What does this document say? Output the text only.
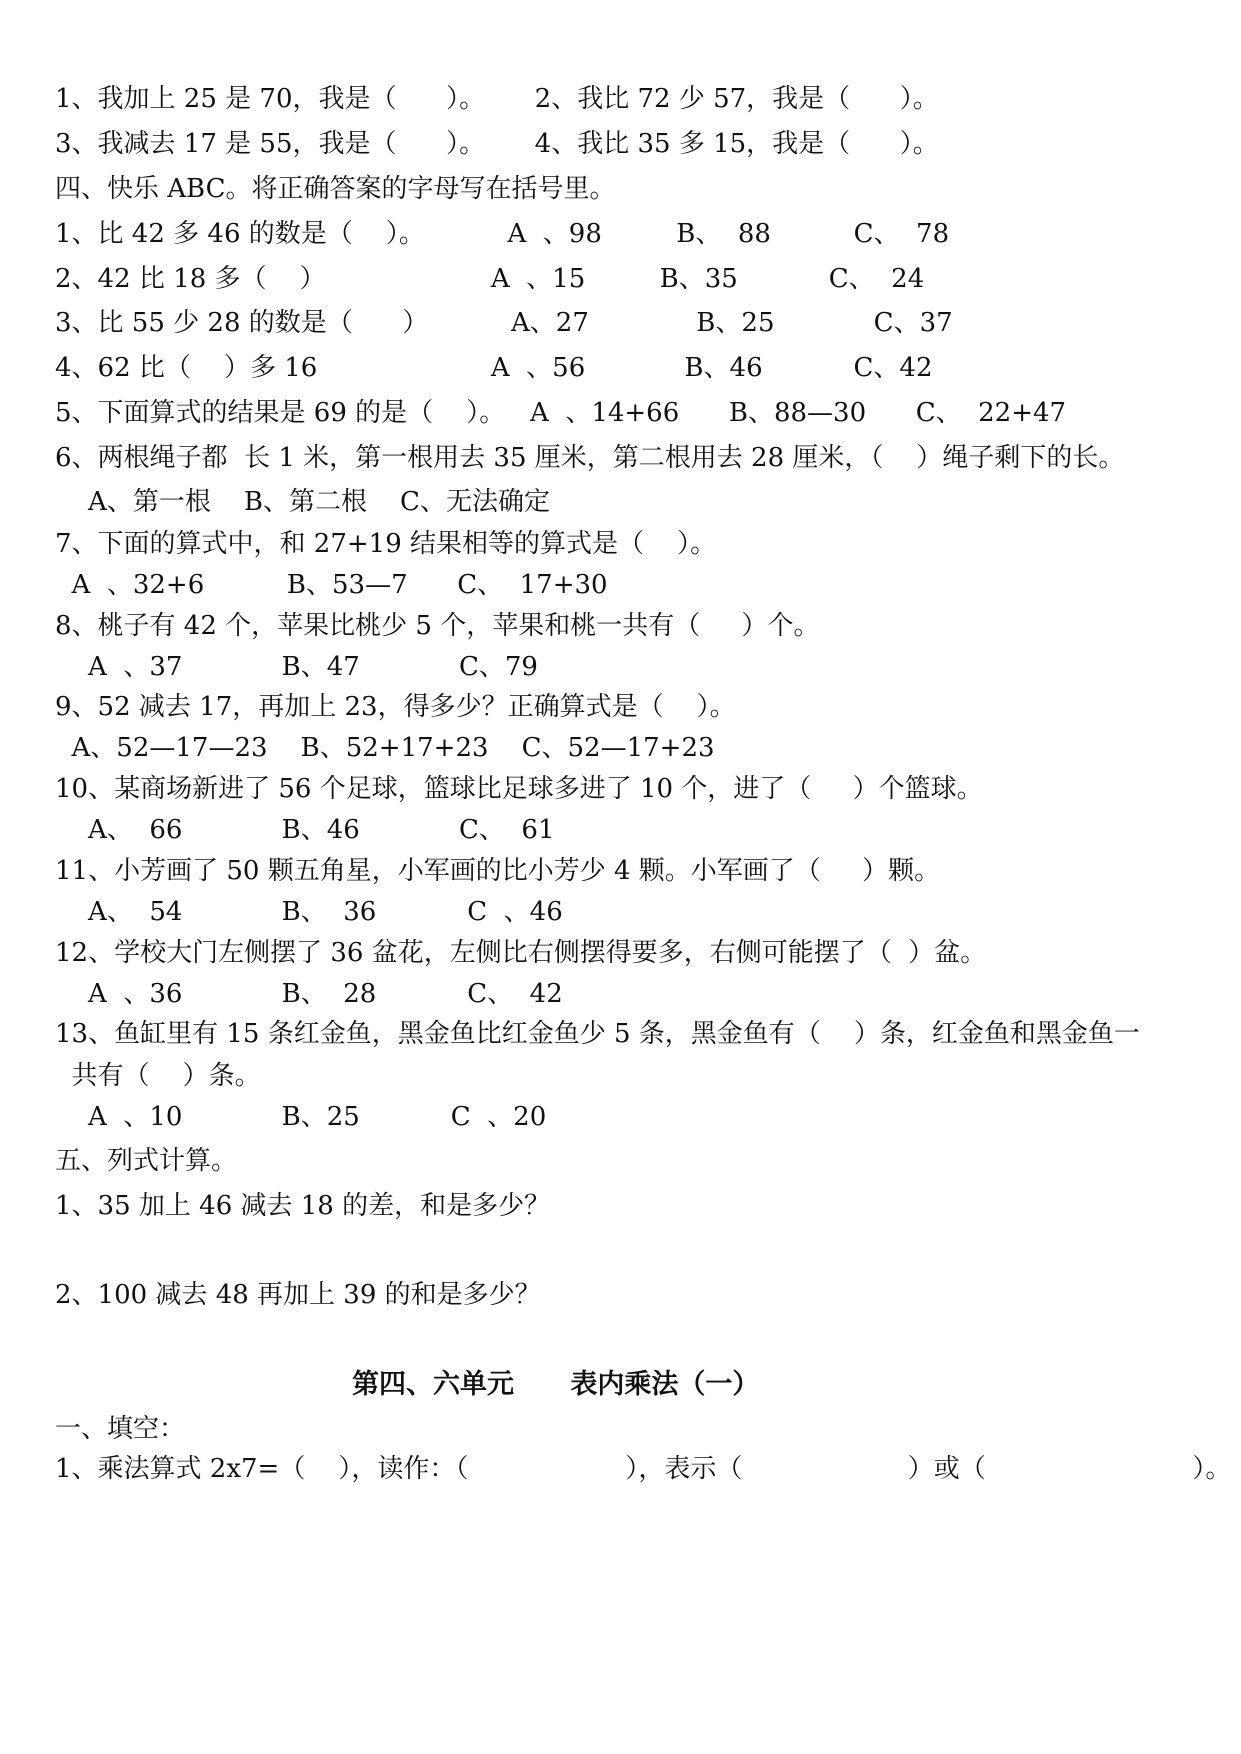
1、我加上 25 是 70，我是（      ）。      2、我比 72 少 57，我是（      ）。
3、我减去 17 是 55，我是（      ）。      4、我比 35 多 15，我是（      ）。
四、快乐 ABC。将正确答案的字母写在括号里。
1、比 42 多 46 的数是（    ）。          A  、98         B、  88          C、  78
2、42 比 18 多（    ）                    A  、15         B、35           C、  24
3、比 55 少 28 的数是（      ）          A、27             B、25            C、37
4、62 比（    ）多 16                     A  、56            B、46           C、42
5、下面算式的结果是 69 的是（    ）。   A  、14+66      B、88—30      C、  22+47
6、两根绳子都  长 1 米，第一根用去 35 厘米，第二根用去 28 厘米，（    ）绳子剩下的长。
A、第一根    B、第二根    C、无法确定
7、下面的算式中，和 27+19 结果相等的算式是（    ）。
A  、32+6          B、53—7      C、  17+30
8、桃子有 42 个，苹果比桃少 5 个，苹果和桃一共有（     ）个。
A  、37            B、47            C、79
9、52 减去 17，再加上 23，得多少？正确算式是（    ）。
A、52—17—23    B、52+17+23    C、52—17+23
10、某商场新进了 56 个足球，篮球比足球多进了 10 个，进了（     ）个篮球。
A、  66            B、46            C、  61
11、小芳画了 50 颗五角星，小军画的比小芳少 4 颗。小军画了（     ）颗。
A、  54            B、  36           C  、46
12、学校大门左侧摆了 36 盆花，左侧比右侧摆得要多，右侧可能摆了（  ）盆。
A  、36            B、  28           C、  42
13、鱼缸里有 15 条红金鱼，黑金鱼比红金鱼少 5 条，黑金鱼有（    ）条，红金鱼和黑金鱼一
共有（    ）条。
A  、10            B、25           C  、20
五、列式计算。
1、35 加上 46 减去 18 的差，和是多少？
2、100 减去 48 再加上 39 的和是多少？
第四、六单元      表内乘法（一）
一、填空：
1、乘法算式 2x7=（    ），读作：（                   ），表示（                    ）或（                         ）。
